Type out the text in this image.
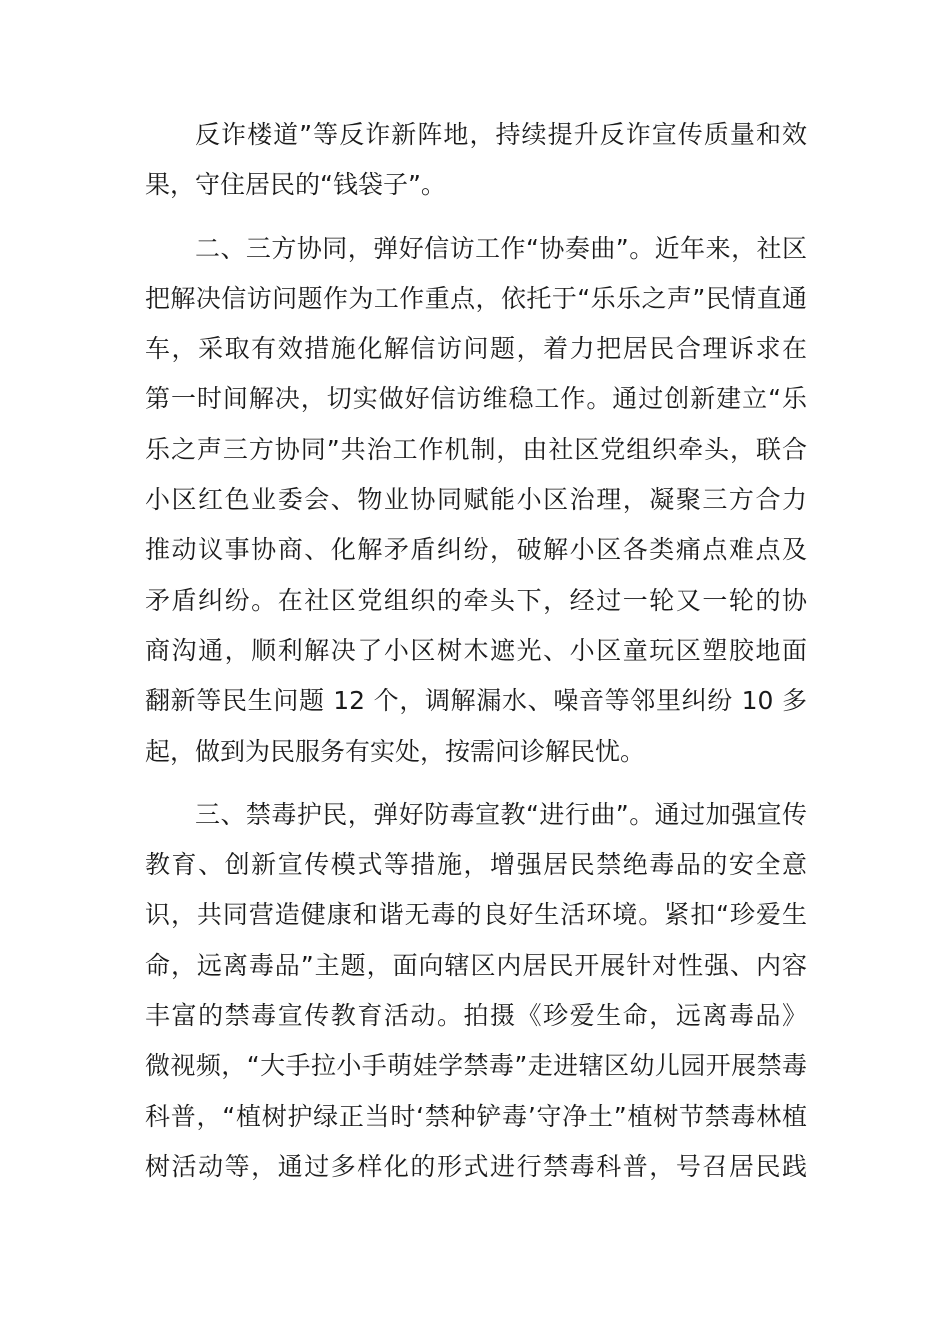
反诈楼道”等反诈新阵地，持续提升反诈宣传质量和效
果，守住居民的“钱袋子”。
二、三方协同，弹好信访工作“协奏曲”。近年来，社区
把解决信访问题作为工作重点，依托于“乐乐之声”民情直通
车，采取有效措施化解信访问题，着力把居民合理诉求在
第一时间解决，切实做好信访维稳工作。通过创新建立“乐
乐之声三方协同”共治工作机制，由社区党组织牵头，联合
小区红色业委会、物业协同赋能小区治理，凝聚三方合力
推动议事协商、化解矛盾纠纷，破解小区各类痛点难点及
矛盾纠纷。在社区党组织的牵头下，经过一轮又一轮的协
商沟通，顺利解决了小区树木遮光、小区童玩区塑胶地面
翻新等民生问题 12 个，调解漏水、噪音等邻里纠纷 10 多
起，做到为民服务有实处，按需问诊解民忧。
三、禁毒护民，弹好防毒宣教“进行曲”。通过加强宣传
教育、创新宣传模式等措施，增强居民禁绝毒品的安全意
识，共同营造健康和谐无毒的良好生活环境。紧扣“珍爱生
命，远离毒品”主题，面向辖区内居民开展针对性强、内容
丰富的禁毒宣传教育活动。拍摄《珍爱生命，远离毒品》
微视频，“大手拉小手萌娃学禁毒”走进辖区幼儿园开展禁毒
科普，“植树护绿正当时‘禁种铲毒’守净土”植树节禁毒林植
树活动等，通过多样化的形式进行禁毒科普，号召居民践
